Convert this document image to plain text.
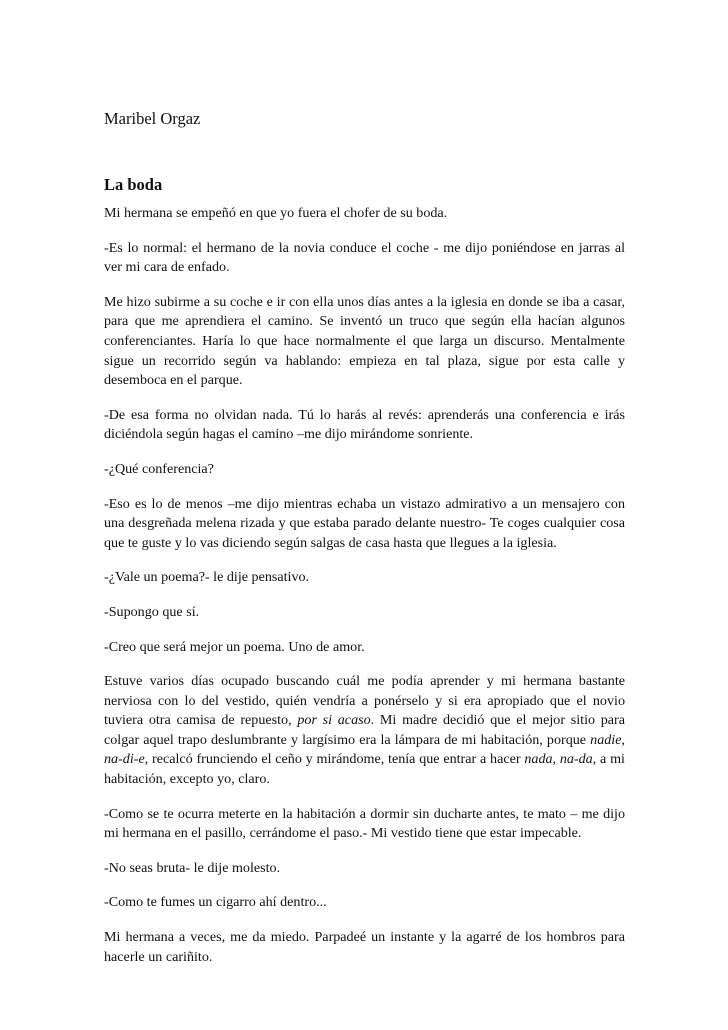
Maribel Orgaz
La boda

Mi hermana se empeñó en que yo fuera el chofer de su boda.

-Es lo normal: el hermano de la novia conduce el coche - me dijo poniéndose en jarras al ver mi cara de enfado.

Me hizo subirme a su coche e ir con ella unos días antes a la iglesia en donde se iba a casar, para que me aprendiera el camino. Se inventó un truco que según ella hacían algunos conferenciantes. Haría lo que hace normalmente el que larga un discurso. Mentalmente sigue un recorrido según va hablando: empieza en tal plaza, sigue por esta calle y desemboca en el parque.

-De esa forma no olvidan nada. Tú lo harás al revés: aprenderás una conferencia e irás diciéndola según hagas el camino –me dijo mirándome sonriente.

-¿Qué conferencia?

-Eso es lo de menos –me dijo mientras echaba un vistazo admirativo a un mensajero con una desgreñada melena rizada y que estaba parado delante nuestro- Te coges cualquier cosa que te guste y lo vas diciendo según salgas de casa hasta que llegues a la iglesia.

-¿Vale un poema?- le dije pensativo.

-Supongo que sí.

-Creo que será mejor un poema. Uno de amor.

Estuve varios días ocupado buscando cuál me podía aprender y mi hermana bastante nerviosa con lo del vestido, quién vendría a ponérselo y si era apropiado que el novio tuviera otra camisa de repuesto, por si acaso. Mi madre decidió que el mejor sitio para colgar aquel trapo deslumbrante y largísimo era la lámpara de mi habitación, porque nadie, na-di-e, recalcó frunciendo el ceño y mirándome, tenía que entrar a hacer nada, na-da, a mi habitación, excepto yo, claro.

-Como se te ocurra meterte en la habitación a dormir sin ducharte antes, te mato – me dijo mi hermana en el pasillo, cerrándome el paso.- Mi vestido tiene que estar impecable.

-No seas bruta- le dije molesto.

-Como te fumes un cigarro ahí dentro...

Mi hermana a veces, me da miedo. Parpadeé un instante y la agarré de los hombros para hacerle un cariñito.
